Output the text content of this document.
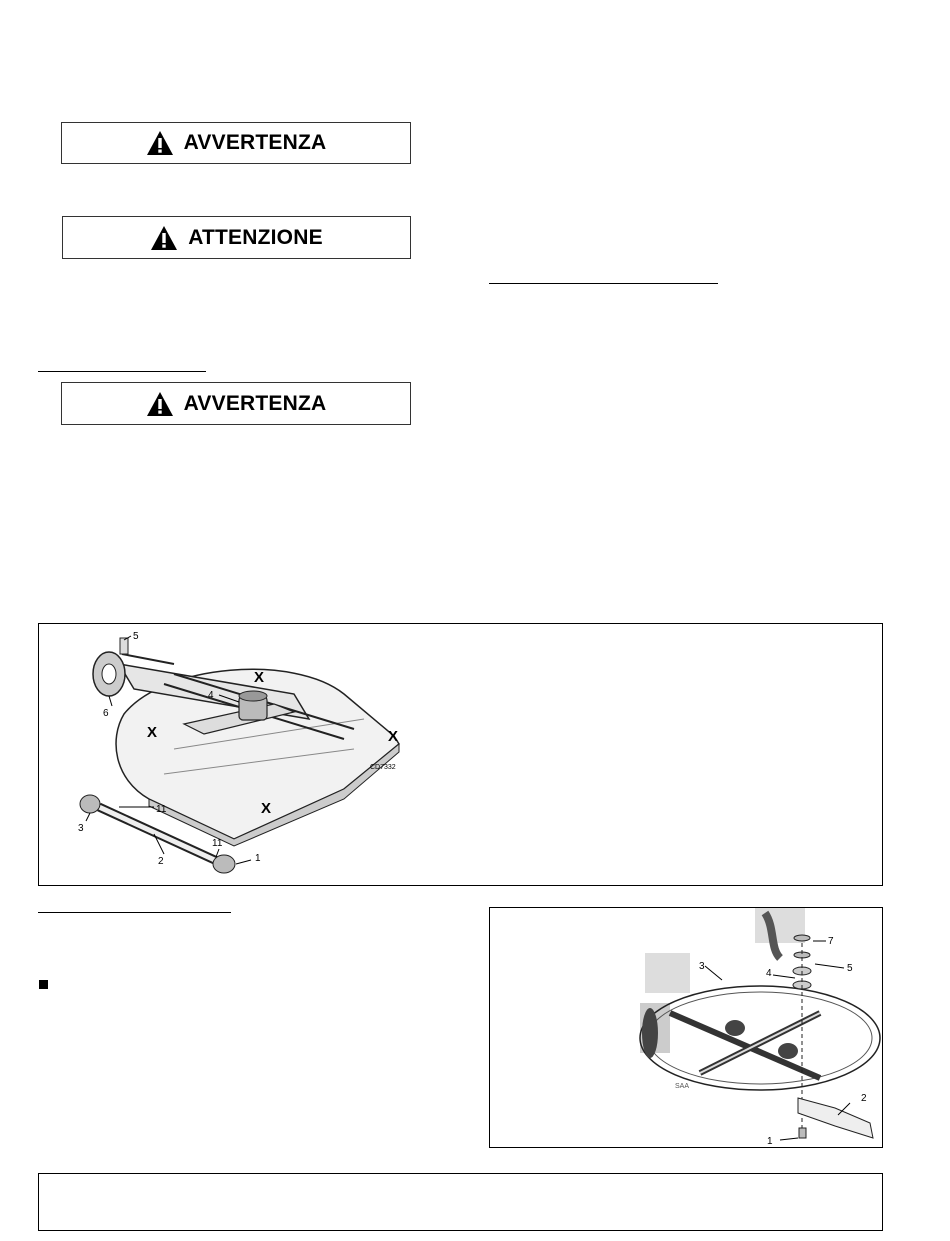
AVVERTENZA
ATTENZIONE
AVVERTENZA
5
4
6
11
3
2
11
1
X
X	X
X
CD7332
3
7
5
4
2
1
SAA
